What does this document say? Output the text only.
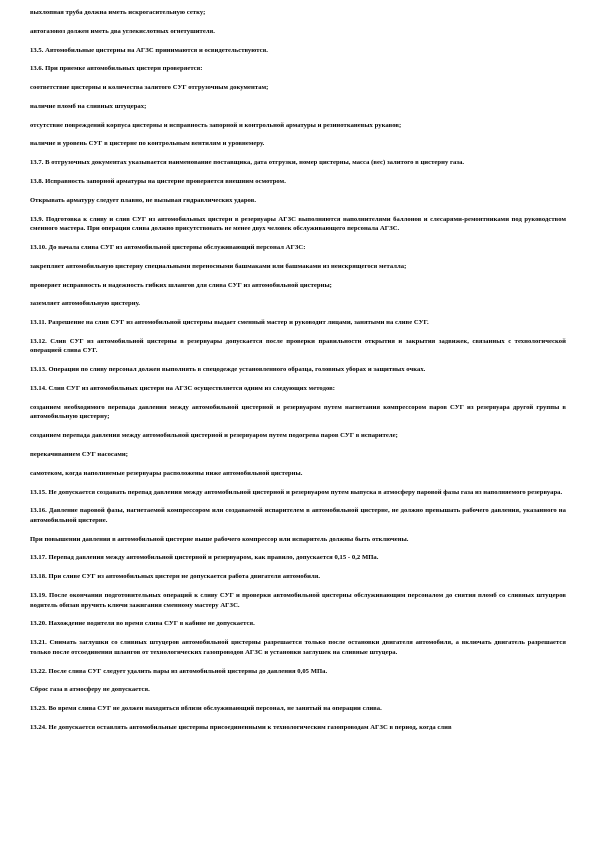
выхлопная труба должна иметь искрогасительную сетку;

автогазовоз должен иметь два углекислотных огнетушителя.

13.5. Автомобильные цистерны на АГЗС принимаются и освидетельствуются.

13.6. При приемке автомобильных цистерн проверяется:

соответствие цистерны и количества залитого СУГ отгрузочным документам;

наличие пломб на сливных штуцерах;

отсутствие повреждений корпуса цистерны и исправность запорной и контрольной арматуры и резинотканевых рукавов;

наличие и уровень СУГ в цистерне по контрольным вентилям и уровнемеру.

13.7. В отгрузочных документах указывается наименование поставщика, дата отгрузки, номер цистерны, масса (вес) залитого в цистерну газа.

13.8. Исправность запорной арматуры на цистерне проверяется внешним осмотром.

Открывать арматуру следует плавно, не вызывая гидравлических ударов.

13.9. Подготовка к сливу и слив СУГ из автомобильных цистерн в резервуары АГЗС выполняются наполнителями баллонов и слесарями-ремонтниками под руководством сменного мастера. При операции слива должно присутствовать не менее двух человек обслуживающего персонала АГЗС.

13.10. До начала слива СУГ из автомобильной цистерны обслуживающий персонал АГЗС:

закрепляет автомобильную цистерну специальными переносными башмаками или башмаками из неискрящегося металла;

проверяет исправность и надежность гибких шлангов для слива СУГ из автомобильной цистерны;

заземляет автомобильную цистерну.

13.11. Разрешение на слив СУГ из автомобильной цистерны выдает сменный мастер и руководит лицами, занятыми на сливе СУГ.

13.12. Слив СУГ из автомобильной цистерны в резервуары допускается после проверки правильности открытия и закрытия задвижек, связанных с технологической операцией слива СУГ.

13.13. Операции по сливу персонал должен выполнять в спецодежде установленного образца, головных уборах и защитных очках.

13.14. Слив СУГ из автомобильных цистерн на АГЗС осуществляется одним из следующих методов:

созданием необходимого перепада давления между автомобильной цистерной и резервуаром путем нагнетания компрессором паров СУГ из резервуара другой группы в автомобильную цистерну;

созданием перепада давления между автомобильной цистерной и резервуаром путем подогрева паров СУГ в испарителе;

перекачиванием СУГ насосами;

самотеком, когда наполняемые резервуары расположены ниже автомобильной цистерны.

13.15. Не допускается создавать перепад давления между автомобильной цистерной и резервуаром путем выпуска в атмосферу паровой фазы газа из наполняемого резервуара.

13.16. Давление паровой фазы, нагнетаемой компрессором или создаваемой испарителем в автомобильной цистерне, не должно превышать рабочего давления, указанного на автомобильной цистерне.

При повышении давления в автомобильной цистерне выше рабочего компрессор или испаритель должны быть отключены.

13.17. Перепад давления между автомобильной цистерной и резервуаром, как правило, допускается 0,15 - 0,2 МПа.

13.18. При сливе СУГ из автомобильных цистерн не допускается работа двигателя автомобиля.

13.19. После окончания подготовительных операций к сливу СУГ и проверки автомобильной цистерны обслуживающим персоналом до снятия пломб со сливных штуцеров водитель обязан вручить ключи зажигания сменному мастеру АГЗС.

13.20. Нахождение водителя во время слива СУГ в кабине не допускается.

13.21. Снимать заглушки со сливных штуцеров автомобильной цистерны разрешается только после остановки двигателя автомобиля, а включать двигатель разрешается только после отсоединения шлангов от технологических газопроводов АГЗС и установки заглушек на сливные штуцера.

13.22. После слива СУГ следует удалить пары из автомобильной цистерны до давления 0,05 МПа.

Сброс газа в атмосферу не допускается.

13.23. Во время слива СУГ не должен находиться вблизи обслуживающий персонал, не занятый на операции слива.

13.24. Не допускается оставлять автомобильные цистерны присоединенными к технологическим газопроводам АГЗС в период, когда слив
